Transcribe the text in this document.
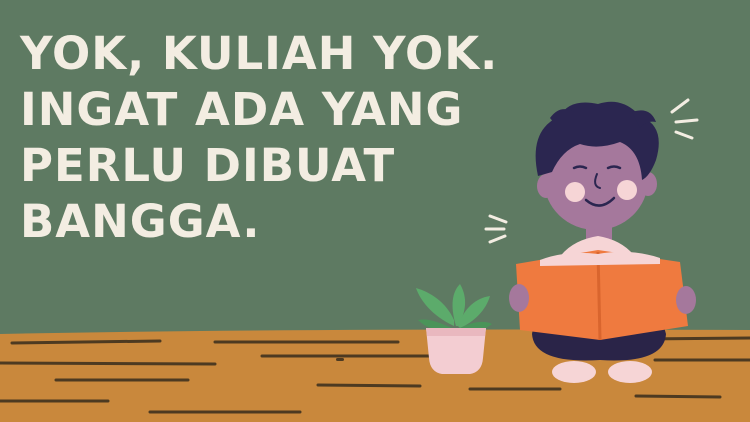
YOK, KULIAH YOK.
INGAT ADA YANG
PERLU DIBUAT
BANGGA.
